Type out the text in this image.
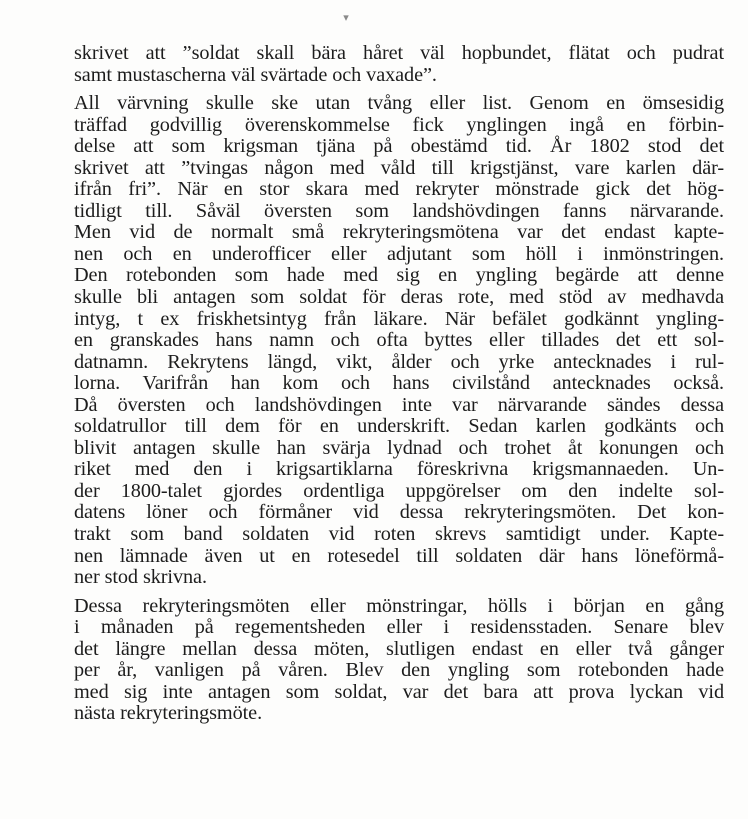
▾
skrivet att ”soldat skall bära håret väl hopbundet, flätat och pudrat
samt mustascherna väl svärtade och vaxade”.
All värvning skulle ske utan tvång eller list. Genom en ömsesidig
träffad godvillig överenskommelse fick ynglingen ingå en förbin-
delse att som krigsman tjäna på obestämd tid. År 1802 stod det
skrivet att ”tvingas någon med våld till krigstjänst, vare karlen där-
ifrån fri”. När en stor skara med rekryter mönstrade gick det hög-
tidligt till. Såväl översten som landshövdingen fanns närvarande.
Men vid de normalt små rekryteringsmötena var det endast kapte-
nen och en underofficer eller adjutant som höll i inmönstringen.
Den rotebonden som hade med sig en yngling begärde att denne
skulle bli antagen som soldat för deras rote, med stöd av medhavda
intyg, t ex friskhetsintyg från läkare. När befälet godkännt yngling-
en granskades hans namn och ofta byttes eller tillades det ett sol-
datnamn. Rekrytens längd, vikt, ålder och yrke antecknades i rul-
lorna. Varifrån han kom och hans civilstånd antecknades också.
Då översten och landshövdingen inte var närvarande sändes dessa
soldatrullor till dem för en underskrift. Sedan karlen godkänts och
blivit antagen skulle han svärja lydnad och trohet åt konungen och
riket med den i krigsartiklarna föreskrivna krigsmannaeden. Un-
der 1800-talet gjordes ordentliga uppgörelser om den indelte sol-
datens löner och förmåner vid dessa rekryteringsmöten. Det kon-
trakt som band soldaten vid roten skrevs samtidigt under. Kapte-
nen lämnade även ut en rotesedel till soldaten där hans löneförmå-
ner stod skrivna.
Dessa rekryteringsmöten eller mönstringar, hölls i början en gång
i månaden på regementsheden eller i residensstaden. Senare blev
det längre mellan dessa möten, slutligen endast en eller två gånger
per år, vanligen på våren. Blev den yngling som rotebonden hade
med sig inte antagen som soldat, var det bara att prova lyckan vid
nästa rekryteringsmöte.
